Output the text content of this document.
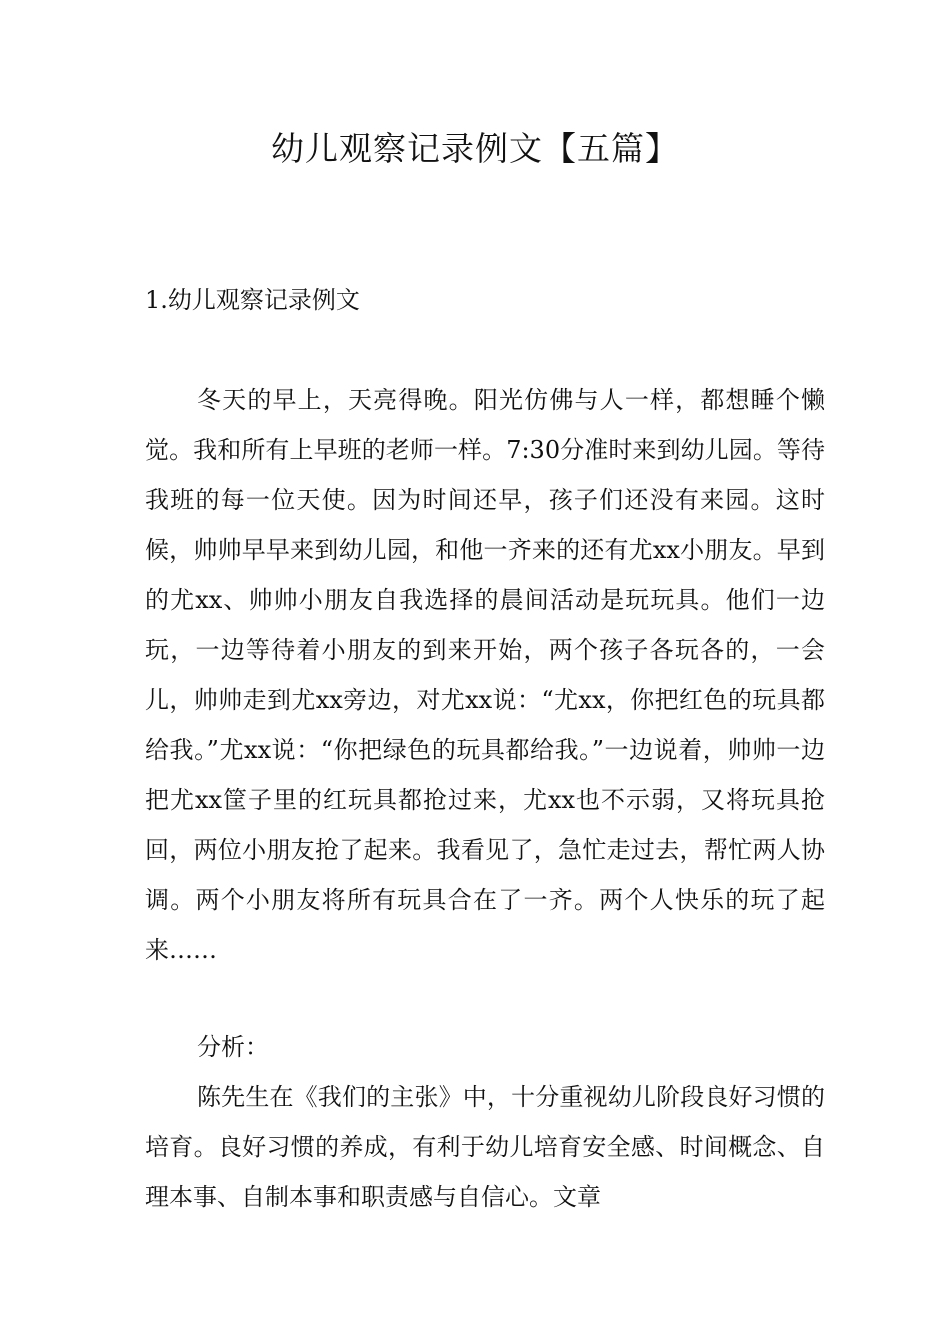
幼儿观察记录例文【五篇】
1.幼儿观察记录例文

冬天的早上，天亮得晚。阳光仿佛与人一样，都想睡个懒觉。我和所有上早班的老师一样。7:30分准时来到幼儿园。等待我班的每一位天使。因为时间还早，孩子们还没有来园。这时候，帅帅早早来到幼儿园，和他一齐来的还有尤xx小朋友。早到的尤xx、帅帅小朋友自我选择的晨间活动是玩玩具。他们一边玩，一边等待着小朋友的到来开始，两个孩子各玩各的，一会儿，帅帅走到尤xx旁边，对尤xx说：“尤xx，你把红色的玩具都给我。”尤xx说：“你把绿色的玩具都给我。”一边说着，帅帅一边把尤xx筐子里的红玩具都抢过来，尤xx也不示弱，又将玩具抢回，两位小朋友抢了起来。我看见了，急忙走过去，帮忙两人协调。两个小朋友将所有玩具合在了一齐。两个人快乐的玩了起来……

分析：

陈先生在《我们的主张》中，十分重视幼儿阶段良好习惯的培育。良好习惯的养成，有利于幼儿培育安全感、时间概念、自理本事、自制本事和职责感与自信心。文章
